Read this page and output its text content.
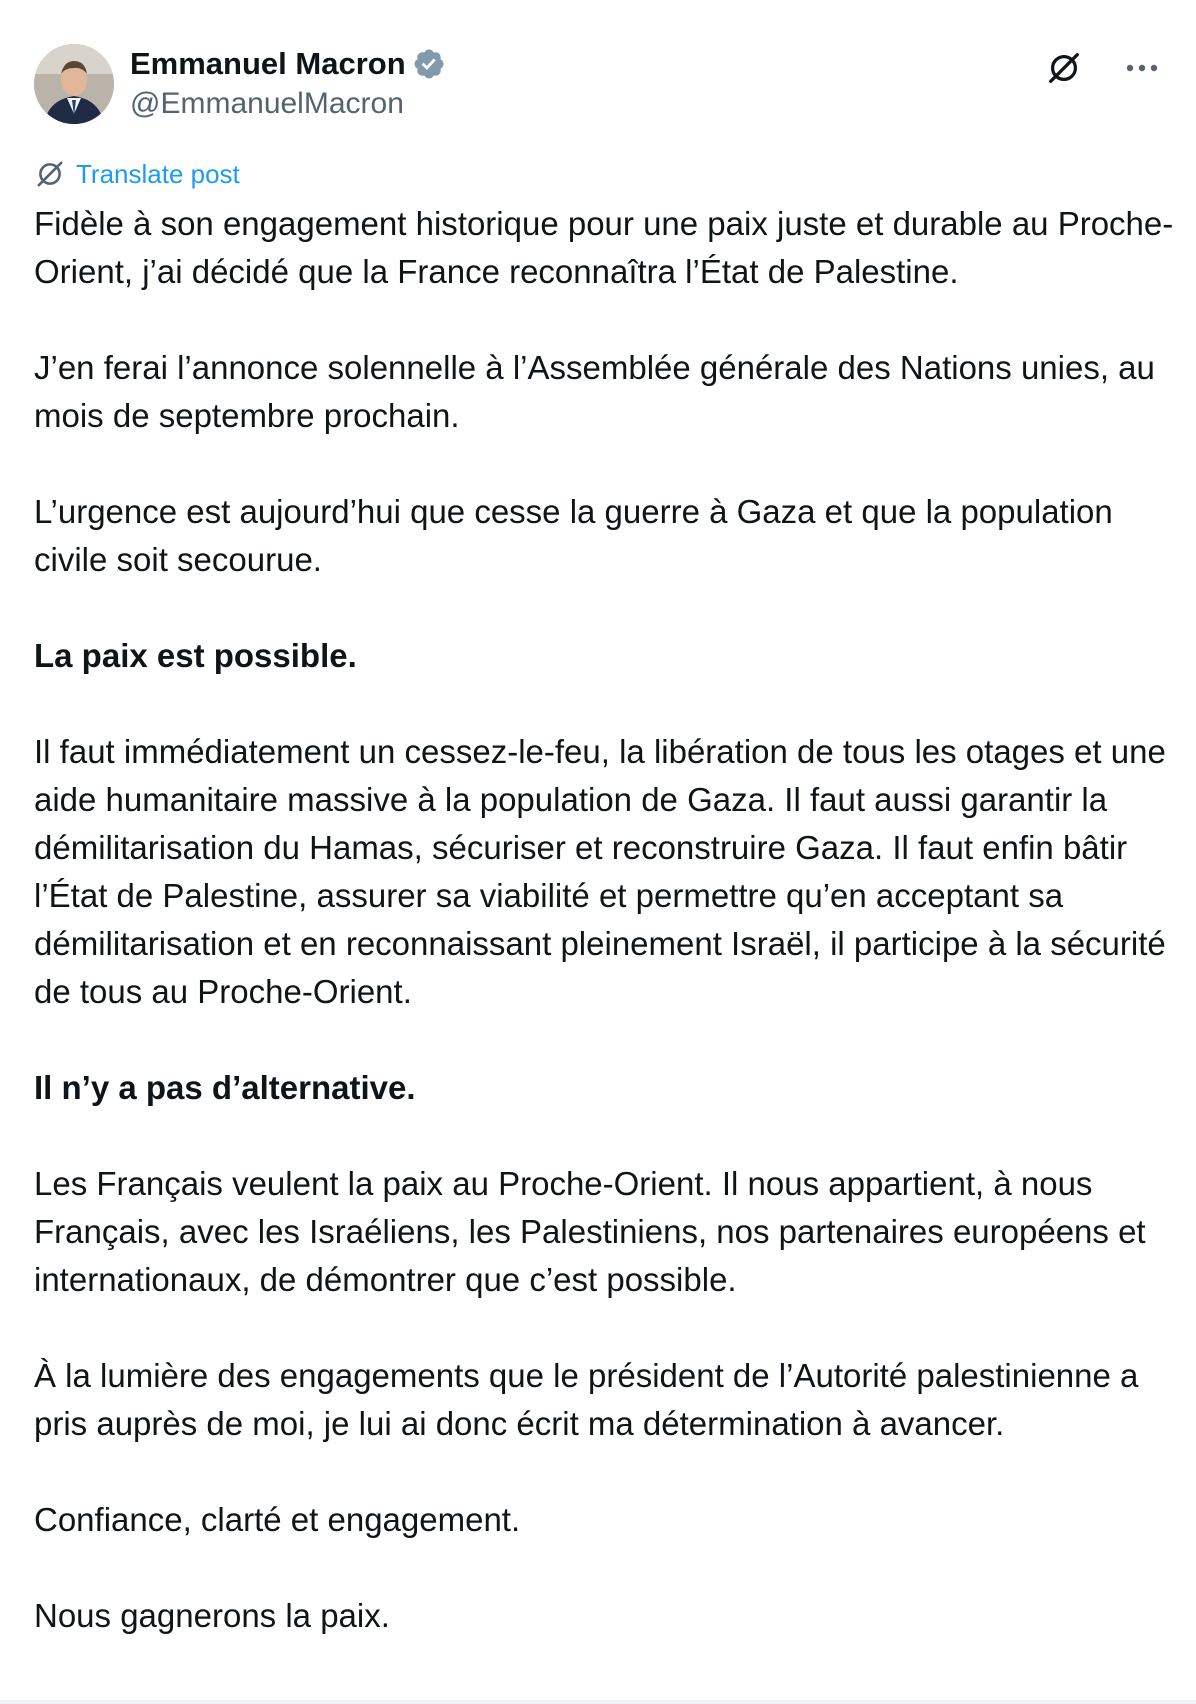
Emmanuel Macron
@EmmanuelMacron
Translate post

Fidèle à son engagement historique pour une paix juste et durable au Proche-Orient, j’ai décidé que la France reconnaîtra l’État de Palestine.

J’en ferai l’annonce solennelle à l’Assemblée générale des Nations unies, au mois de septembre prochain.

L’urgence est aujourd’hui que cesse la guerre à Gaza et que la population civile soit secourue.

La paix est possible.

Il faut immédiatement un cessez-le-feu, la libération de tous les otages et une aide humanitaire massive à la population de Gaza. Il faut aussi garantir la démilitarisation du Hamas, sécuriser et reconstruire Gaza. Il faut enfin bâtir l’État de Palestine, assurer sa viabilité et permettre qu’en acceptant sa démilitarisation et en reconnaissant pleinement Israël, il participe à la sécurité de tous au Proche-Orient.

Il n’y a pas d’alternative.

Les Français veulent la paix au Proche-Orient. Il nous appartient, à nous Français, avec les Israéliens, les Palestiniens, nos partenaires européens et internationaux, de démontrer que c’est possible.

À la lumière des engagements que le président de l’Autorité palestinienne a pris auprès de moi, je lui ai donc écrit ma détermination à avancer.

Confiance, clarté et engagement.

Nous gagnerons la paix.
